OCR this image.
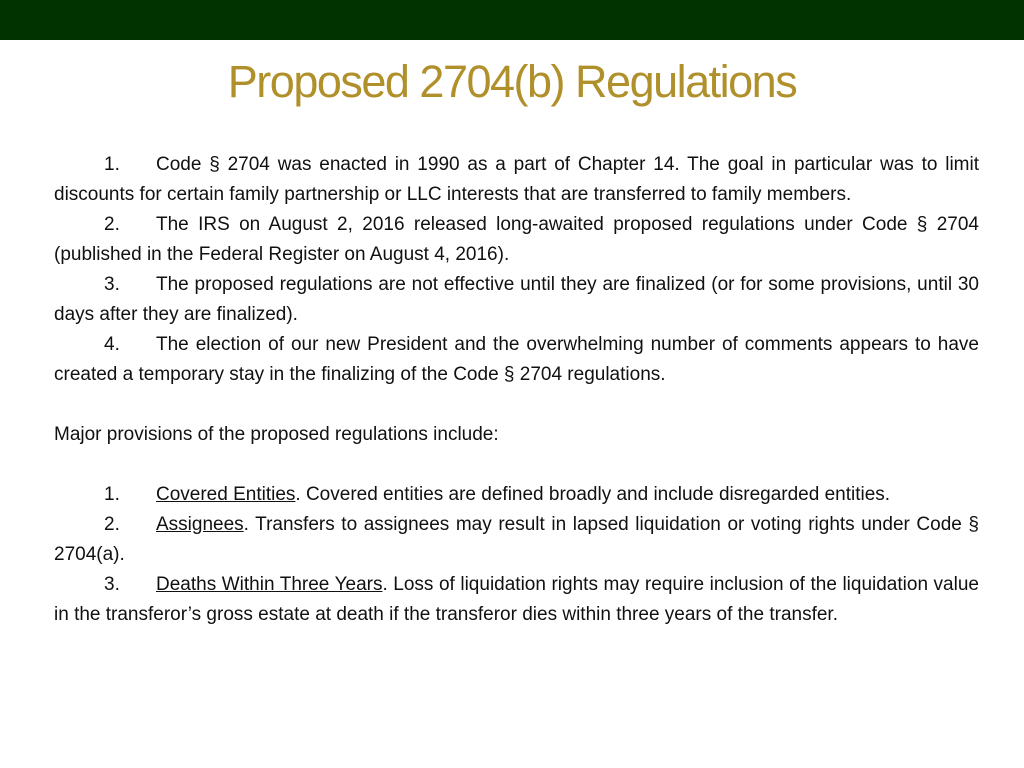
Proposed 2704(b) Regulations

1. Code § 2704 was enacted in 1990 as a part of Chapter 14. The goal in particular was to limit discounts for certain family partnership or LLC interests that are transferred to family members.

2. The IRS on August 2, 2016 released long-awaited proposed regulations under Code § 2704 (published in the Federal Register on August 4, 2016).

3. The proposed regulations are not effective until they are finalized (or for some provisions, until 30 days after they are finalized).

4. The election of our new President and the overwhelming number of comments appears to have created a temporary stay in the finalizing of the Code § 2704 regulations.

Major provisions of the proposed regulations include:

1. Covered Entities. Covered entities are defined broadly and include disregarded entities.

2. Assignees. Transfers to assignees may result in lapsed liquidation or voting rights under Code § 2704(a).

3. Deaths Within Three Years. Loss of liquidation rights may require inclusion of the liquidation value in the transferor’s gross estate at death if the transferor dies within three years of the transfer.
